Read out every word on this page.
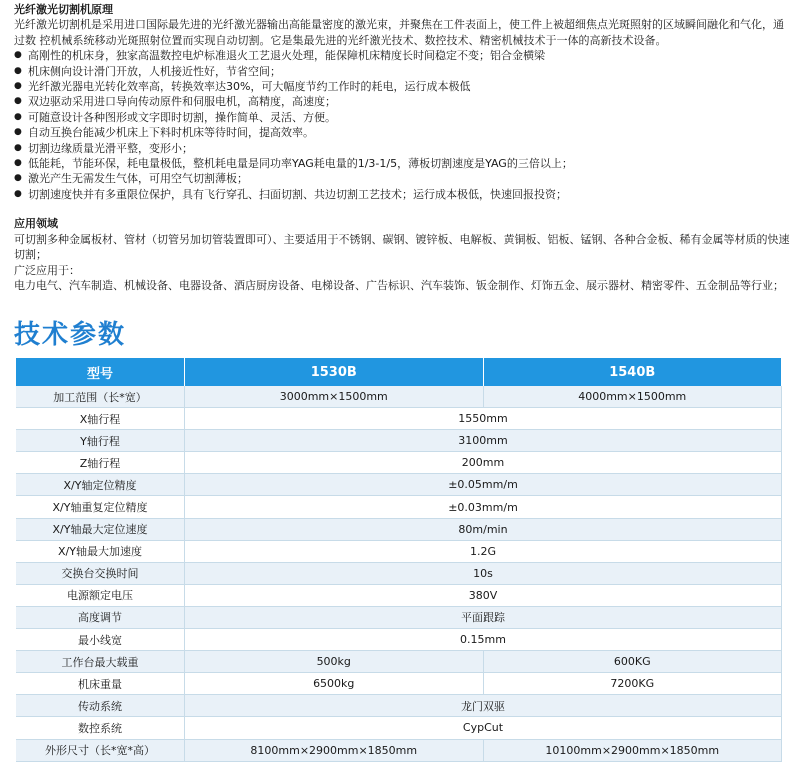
光纤激光切割机原理

光纤激光切割机是采用进口国际最先进的光纤激光器输出高能量密度的激光束，并聚焦在工件表面上，使工件上被超细焦点光斑照射的区域瞬间融化和气化，通过数 控机械系统移动光斑照射位置而实现自动切割。它是集最先进的光纤激光技术、数控技术、精密机械技术于一体的高新技术设备。

● 高刚性的机床身，独家高温数控电炉标准退火工艺退火处理，能保障机床精度长时间稳定不变；铝合金横梁
● 机床侧向设计滑门开放，人机接近性好，节省空间；
● 光纤激光器电光转化效率高，转换效率达30%，可大幅度节约工作时的耗电，运行成本极低
● 双边驱动采用进口导向传动原件和伺服电机，高精度，高速度；
● 可随意设计各种图形或文字即时切割，操作简单、灵活、方便。
● 自动互换台能减少机床上下料时机床等待时间，提高效率。
● 切割边缘质量光滑平整，变形小；
● 低能耗，节能环保，耗电量极低，整机耗电量是同功率YAG耗电量的1/3-1/5，薄板切割速度是YAG的三倍以上；
● 激光产生无需发生气体，可用空气切割薄板；
● 切割速度快并有多重限位保护，具有飞行穿孔、扫面切割、共边切割工艺技术；运行成本极低，快速回报投资；
应用领域

可切割多种金属板材、管材（切管另加切管装置即可）、主要适用于不锈钢、碳钢、镀锌板、电解板、黄铜板、铝板、锰钢、各种合金板、稀有金属等材质的快速切割；

广泛应用于：

电力电气、汽车制造、机械设备、电器设备、酒店厨房设备、电梯设备、广告标识、汽车装饰、钣金制作、灯饰五金、展示器材、精密零件、五金制品等行业；

技术参数
型号	1530B	1540B
加工范围（长*宽）	3000mm×1500mm	4000mm×1500mm
X轴行程	1550mm	
Y轴行程	3100mm	
Z轴行程	200mm	
X/Y轴定位精度	±0.05mm/m	
X/Y轴重复定位精度	±0.03mm/m	
X/Y轴最大定位速度	80m/min	
X/Y轴最大加速度	1.2G	
交换台交换时间	10s	
电源额定电压	380V	
高度调节	平面跟踪	
最小线宽	0.15mm	
工作台最大载重	500kg	600KG
机床重量	6500kg	7200KG
传动系统	龙门双驱	
数控系统	CypCut	
外形尺寸（长*宽*高）	8100mm×2900mm×1850mm	10100mm×2900mm×1850mm
